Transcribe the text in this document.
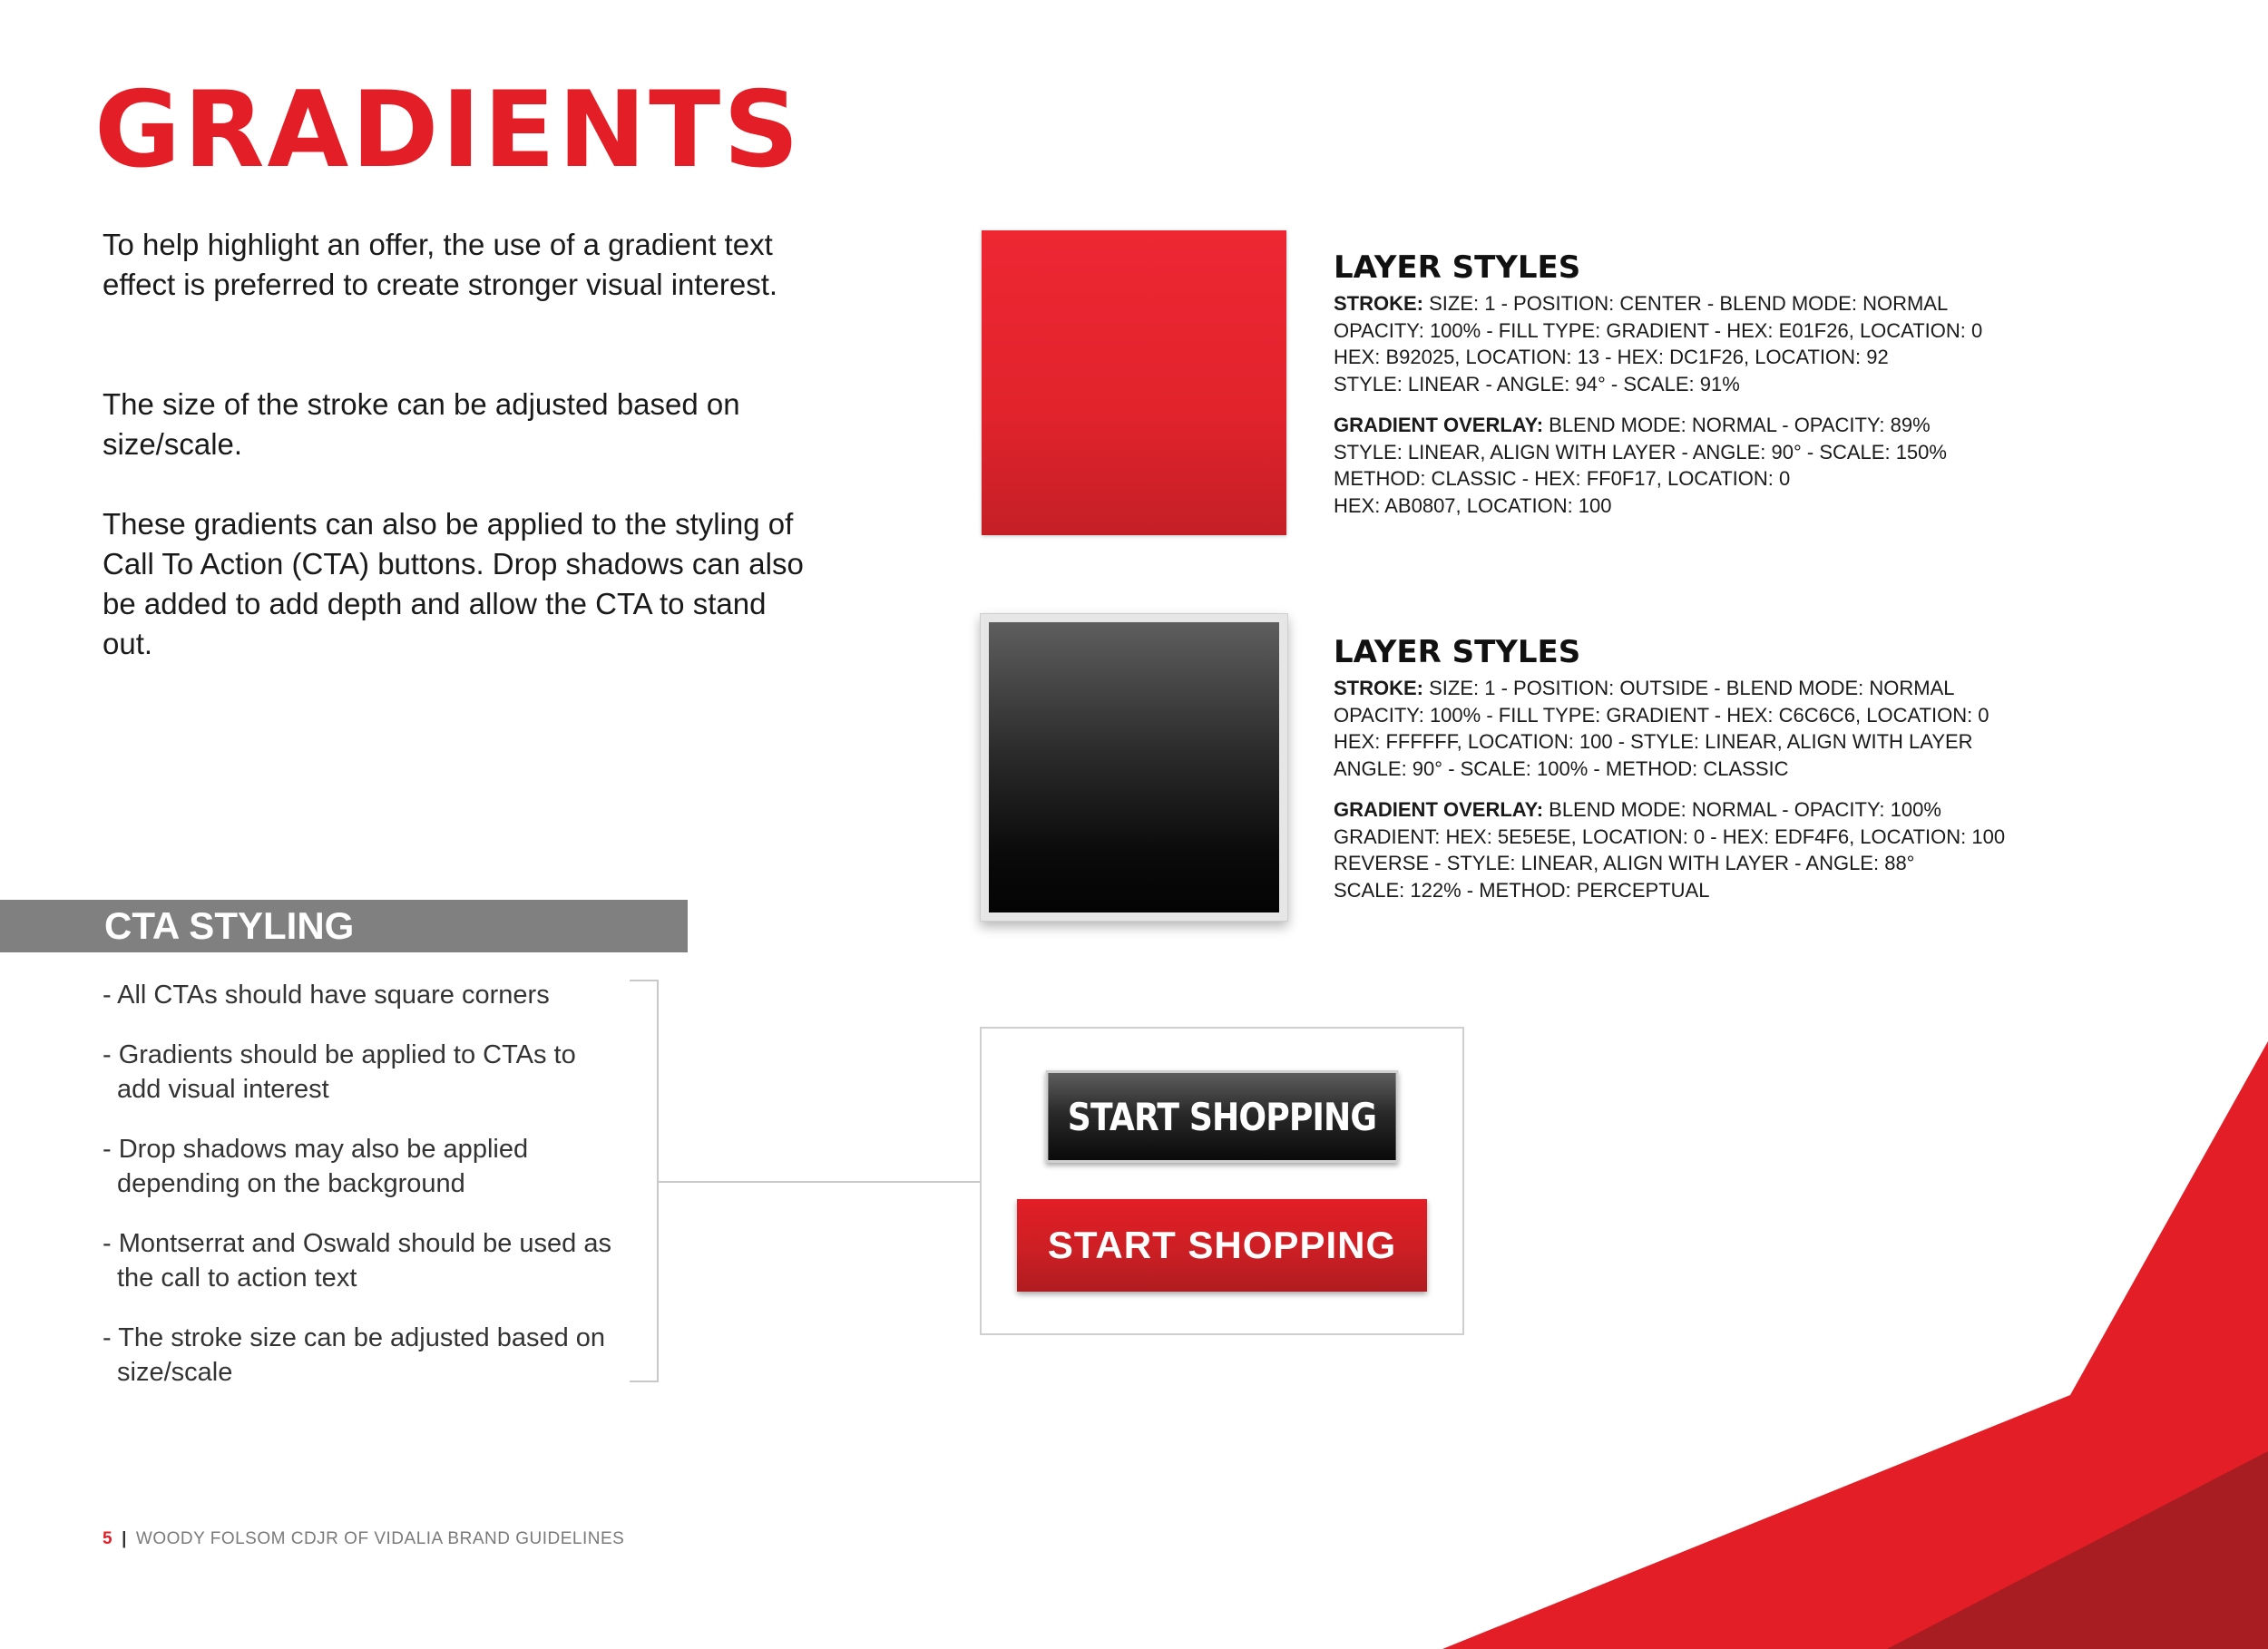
GRADIENTS

To help highlight an offer, the use of a gradient text effect is preferred to create stronger visual interest.

The size of the stroke can be adjusted based on size/scale.

These gradients can also be applied to the styling of Call To Action (CTA) buttons. Drop shadows can also be added to add depth and allow the CTA to stand out.

CTA STYLING
- All CTAs should have square corners
- Gradients should be applied to CTAs to add visual interest
- Drop shadows may also be applied depending on the background
- Montserrat and Oswald should be used as the call to action text
- The stroke size can be adjusted based on size/scale
LAYER STYLES

STROKE: SIZE: 1 - POSITION: CENTER - BLEND MODE: NORMAL

OPACITY: 100% - FILL TYPE: GRADIENT - HEX: E01F26, LOCATION: 0

HEX: B92025, LOCATION: 13 - HEX: DC1F26, LOCATION: 92

STYLE: LINEAR - ANGLE: 94° - SCALE: 91%

GRADIENT OVERLAY: BLEND MODE: NORMAL - OPACITY: 89%

STYLE: LINEAR, ALIGN WITH LAYER - ANGLE: 90° - SCALE: 150%

METHOD: CLASSIC - HEX: FF0F17, LOCATION: 0

HEX: AB0807, LOCATION: 100

LAYER STYLES

STROKE: SIZE: 1 - POSITION: OUTSIDE - BLEND MODE: NORMAL

OPACITY: 100% - FILL TYPE: GRADIENT - HEX: C6C6C6, LOCATION: 0

HEX: FFFFFF, LOCATION: 100 - STYLE: LINEAR, ALIGN WITH LAYER

ANGLE: 90° - SCALE: 100% - METHOD: CLASSIC

GRADIENT OVERLAY: BLEND MODE: NORMAL - OPACITY: 100%

GRADIENT: HEX: 5E5E5E, LOCATION: 0 - HEX: EDF4F6, LOCATION: 100

REVERSE - STYLE: LINEAR, ALIGN WITH LAYER - ANGLE: 88°

SCALE: 122% - METHOD: PERCEPTUAL

START SHOPPING
START SHOPPING
5 | WOODY FOLSOM CDJR OF VIDALIA BRAND GUIDELINES
